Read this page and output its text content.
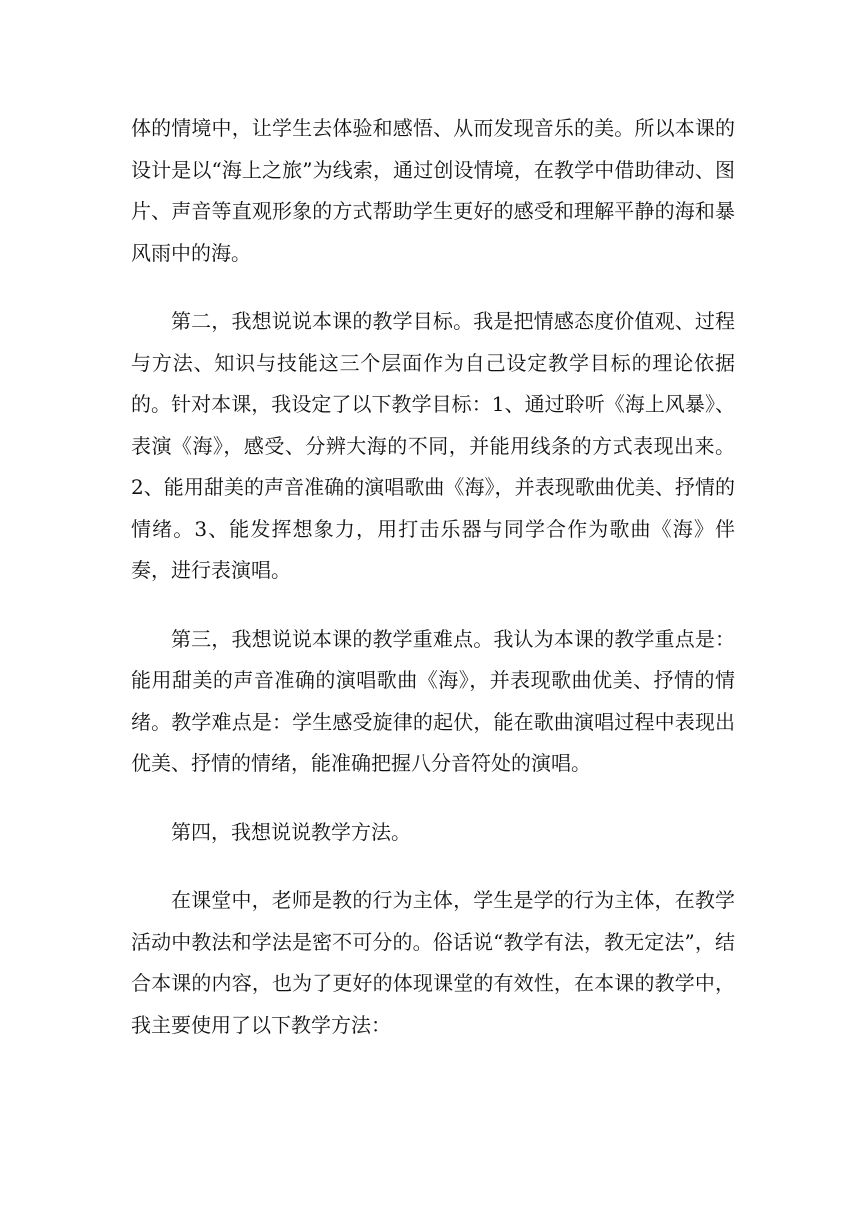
体的情境中，让学生去体验和感悟、从而发现音乐的美。所以本课的设计是以“海上之旅”为线索，通过创设情境，在教学中借助律动、图片、声音等直观形象的方式帮助学生更好的感受和理解平静的海和暴风雨中的海。

第二，我想说说本课的教学目标。我是把情感态度价值观、过程与方法、知识与技能这三个层面作为自己设定教学目标的理论依据的。针对本课，我设定了以下教学目标：1、通过聆听《海上风暴》、表演《海》，感受、分辨大海的不同，并能用线条的方式表现出来。2、能用甜美的声音准确的演唱歌曲《海》，并表现歌曲优美、抒情的情绪。3、能发挥想象力，用打击乐器与同学合作为歌曲《海》伴奏，进行表演唱。

第三，我想说说本课的教学重难点。我认为本课的教学重点是：能用甜美的声音准确的演唱歌曲《海》，并表现歌曲优美、抒情的情绪。教学难点是：学生感受旋律的起伏，能在歌曲演唱过程中表现出优美、抒情的情绪，能准确把握八分音符处的演唱。

第四，我想说说教学方法。

在课堂中，老师是教的行为主体，学生是学的行为主体，在教学活动中教法和学法是密不可分的。俗话说“教学有法，教无定法”，结合本课的内容，也为了更好的体现课堂的有效性，在本课的教学中，我主要使用了以下教学方法：
